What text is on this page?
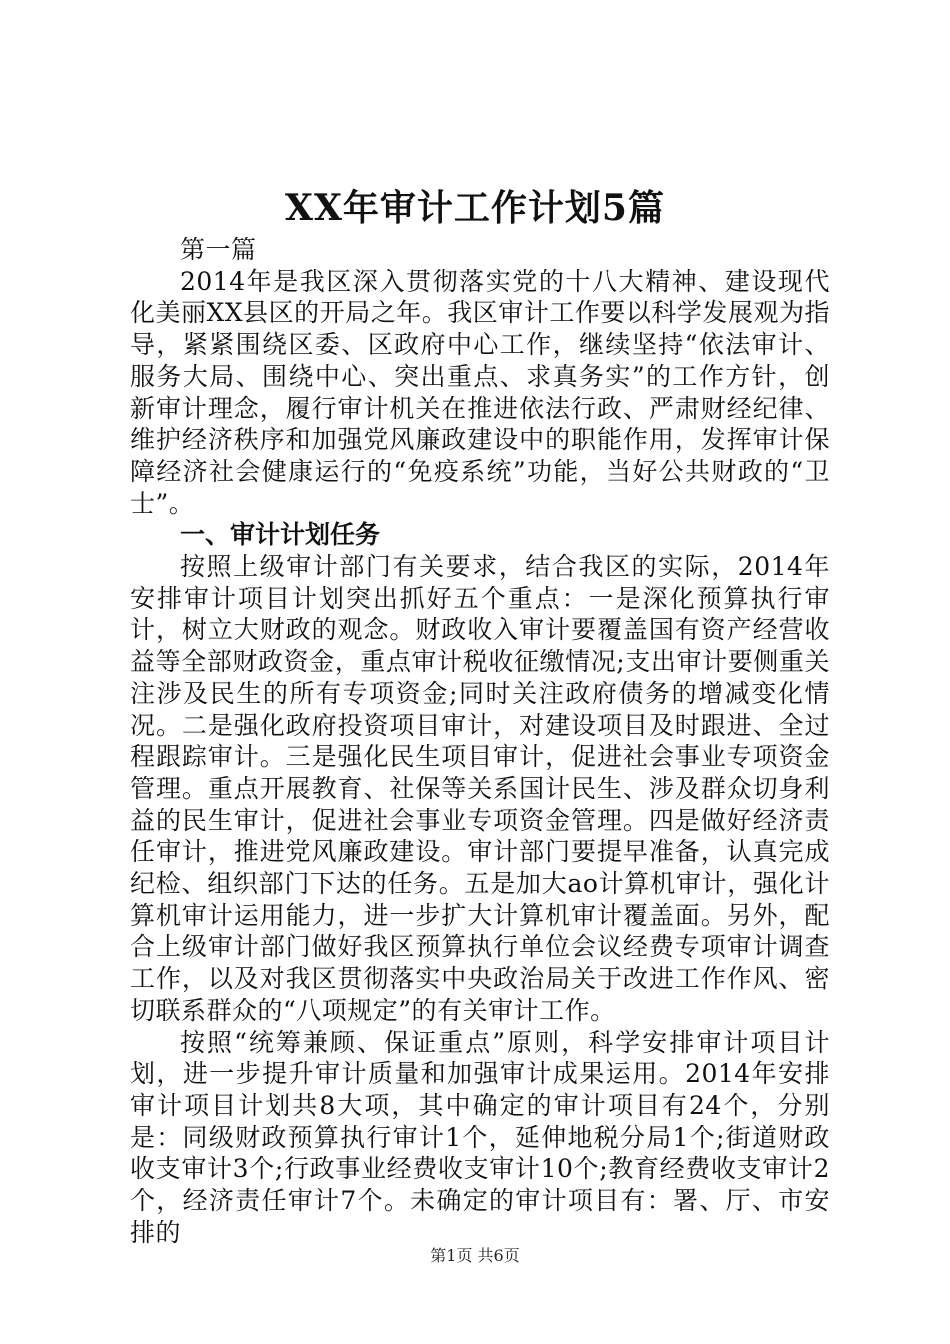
XX年审计工作计划5篇

第一篇

2014年是我区深入贯彻落实党的十八大精神、建设现代化美丽XX县区的开局之年。我区审计工作要以科学发展观为指导，紧紧围绕区委、区政府中心工作，继续坚持“依法审计、服务大局、围绕中心、突出重点、求真务实”的工作方针，创新审计理念，履行审计机关在推进依法行政、严肃财经纪律、维护经济秩序和加强党风廉政建设中的职能作用，发挥审计保障经济社会健康运行的“免疫系统”功能，当好公共财政的“卫士”。

一、审计计划任务

按照上级审计部门有关要求，结合我区的实际，2014年安排审计项目计划突出抓好五个重点：一是深化预算执行审计，树立大财政的观念。财政收入审计要覆盖国有资产经营收益等全部财政资金，重点审计税收征缴情况;支出审计要侧重关注涉及民生的所有专项资金;同时关注政府债务的增减变化情况。二是强化政府投资项目审计，对建设项目及时跟进、全过程跟踪审计。三是强化民生项目审计，促进社会事业专项资金管理。重点开展教育、社保等关系国计民生、涉及群众切身利益的民生审计，促进社会事业专项资金管理。四是做好经济责任审计，推进党风廉政建设。审计部门要提早准备，认真完成纪检、组织部门下达的任务。五是加大ao计算机审计，强化计算机审计运用能力，进一步扩大计算机审计覆盖面。另外，配合上级审计部门做好我区预算执行单位会议经费专项审计调查工作，以及对我区贯彻落实中央政治局关于改进工作作风、密切联系群众的“八项规定”的有关审计工作。

按照“统筹兼顾、保证重点”原则，科学安排审计项目计划，进一步提升审计质量和加强审计成果运用。2014年安排审计项目计划共8大项，其中确定的审计项目有24个，分别是：同级财政预算执行审计1个，延伸地税分局1个;街道财政收支审计3个;行政事业经费收支审计10个;教育经费收支审计2个，经济责任审计7个。未确定的审计项目有：署、厅、市安排的

第1页 共6页
